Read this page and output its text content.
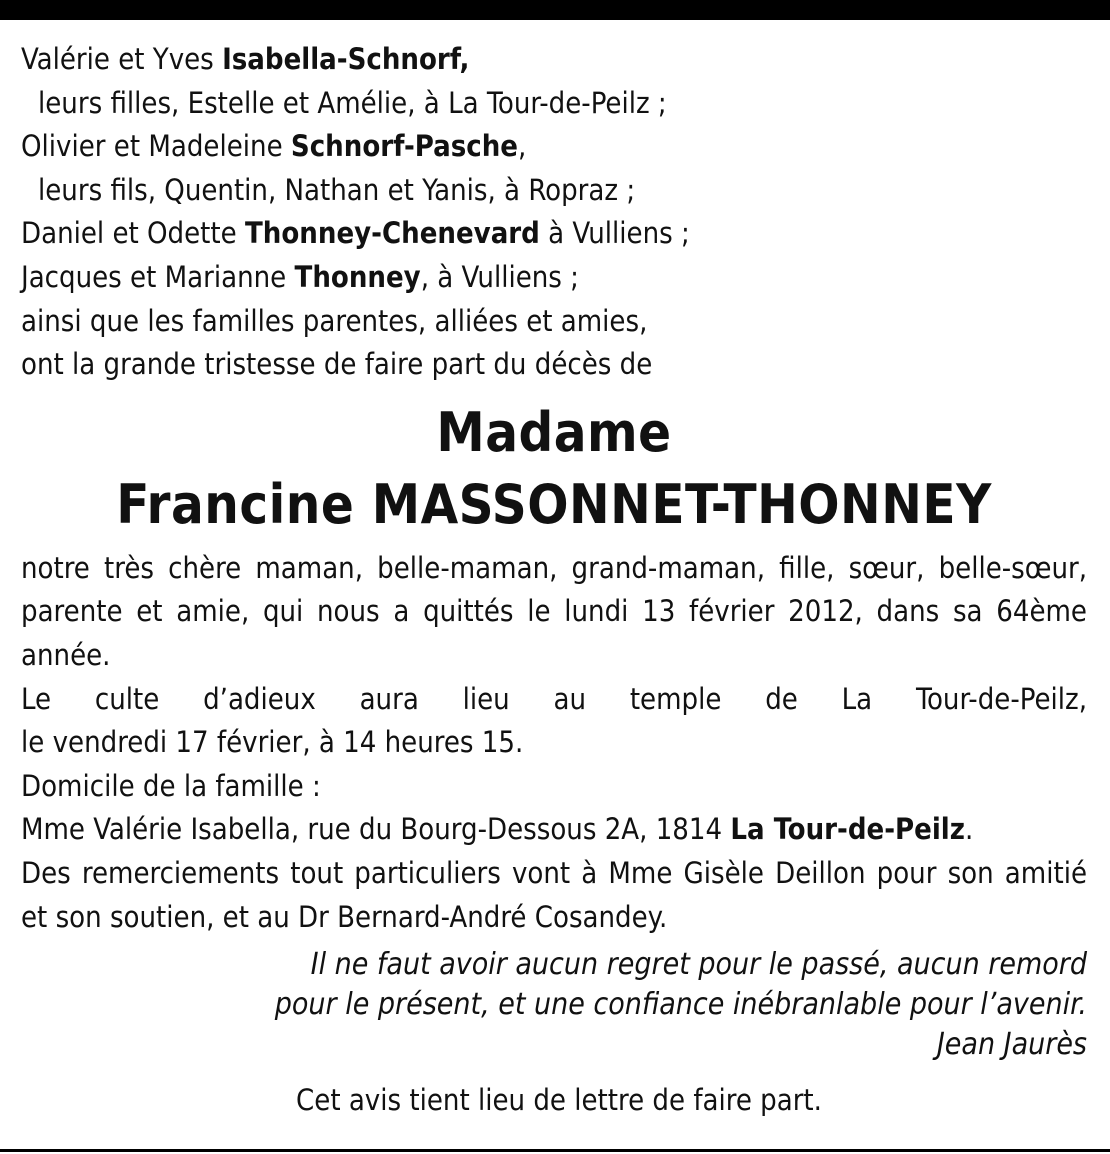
Valérie et Yves Isabella-Schnorf,
leurs filles, Estelle et Amélie, à La Tour-de-Peilz ;
Olivier et Madeleine Schnorf-Pasche,
leurs fils, Quentin, Nathan et Yanis, à Ropraz ;
Daniel et Odette Thonney-Chenevard à Vulliens ;
Jacques et Marianne Thonney, à Vulliens ;
ainsi que les familles parentes, alliées et amies,
ont la grande tristesse de faire part du décès de
Madame
Francine MASSONNET-THONNEY
notre très chère maman, belle-maman, grand-maman, fille, sœur, belle-sœur, parente et amie, qui nous a quittés le lundi 13 février 2012, dans sa 64ème année.
Le culte d’adieux aura lieu au temple de La Tour-de-Peilz,
le vendredi 17 février, à 14 heures 15.
Domicile de la famille :
Mme Valérie Isabella, rue du Bourg-Dessous 2A, 1814 La Tour-de-Peilz.
Des remerciements tout particuliers vont à Mme Gisèle Deillon pour son amitié et son soutien, et au Dr Bernard-André Cosandey.
Il ne faut avoir aucun regret pour le passé, aucun remord
pour le présent, et une confiance inébranlable pour l’avenir.
Jean Jaurès
Cet avis tient lieu de lettre de faire part.
